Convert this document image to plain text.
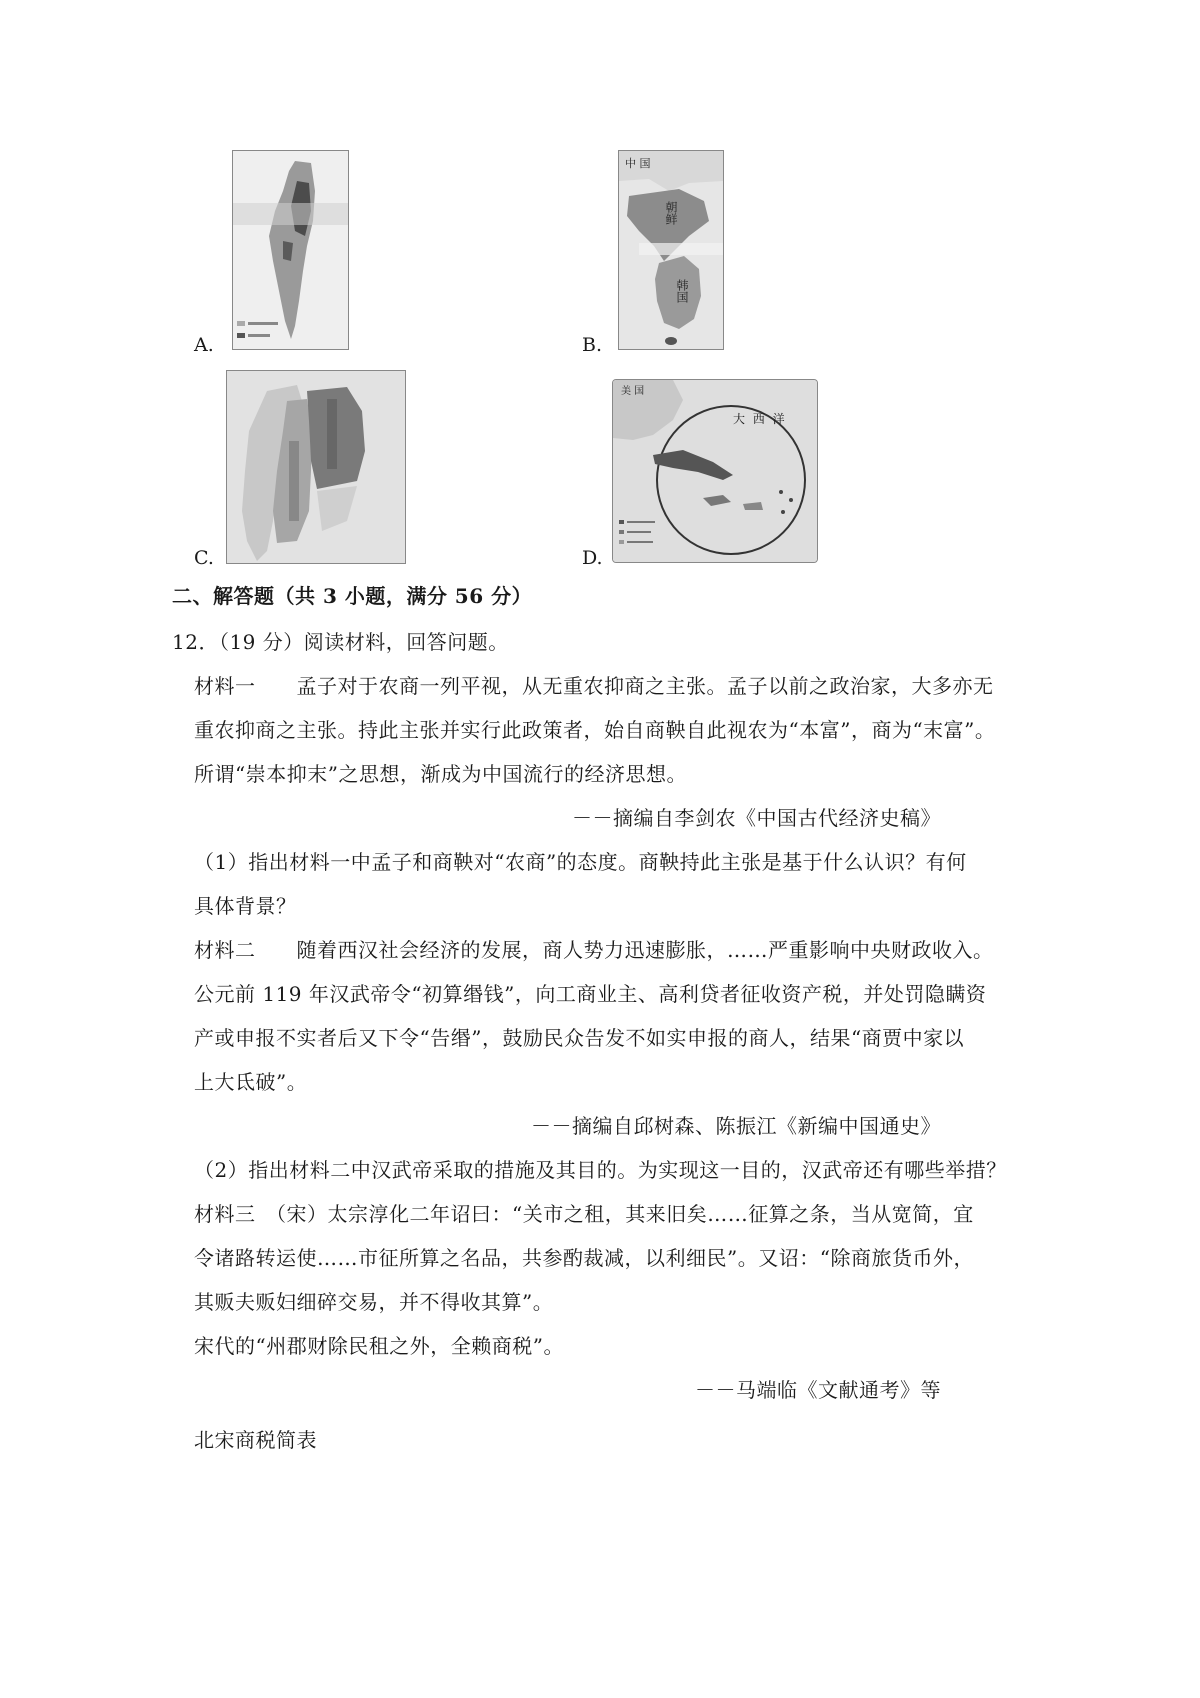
A.
中 国
朝鲜
韩国
B.
C.
美 国
大 西 洋
D.
二、解答题（共 3 小题，满分 56 分）
12．（19 分）阅读材料，回答问题。
材料一　　孟子对于农商一列平视，从无重农抑商之主张。孟子以前之政治家，大多亦无
重农抑商之主张。持此主张并实行此政策者，始自商鞅自此视农为“本富”，商为“末富”。
所谓“崇本抑末”之思想，渐成为中国流行的经济思想。
－－摘编自李剑农《中国古代经济史稿》
（1）指出材料一中孟子和商鞅对“农商”的态度。商鞅持此主张是基于什么认识？有何
具体背景？
材料二　　随着西汉社会经济的发展，商人势力迅速膨胀，……严重影响中央财政收入。
公元前 119 年汉武帝令“初算缗钱”，向工商业主、高利贷者征收资产税，并处罚隐瞒资
产或申报不实者后又下令“告缗”，鼓励民众告发不如实申报的商人，结果“商贾中家以
上大氐破”。
－－摘编自邱树森、陈振江《新编中国通史》
（2）指出材料二中汉武帝采取的措施及其目的。为实现这一目的，汉武帝还有哪些举措？
材料三　（宋）太宗淳化二年诏曰：“关市之租，其来旧矣……征算之条，当从宽简，宜
令诸路转运使……市征所算之名品，共参酌裁减，以利细民”。又诏：“除商旅货币外，
其贩夫贩妇细碎交易，并不得收其算”。
宋代的“州郡财除民租之外，全赖商税”。
－－马端临《文献通考》等
北宋商税简表
